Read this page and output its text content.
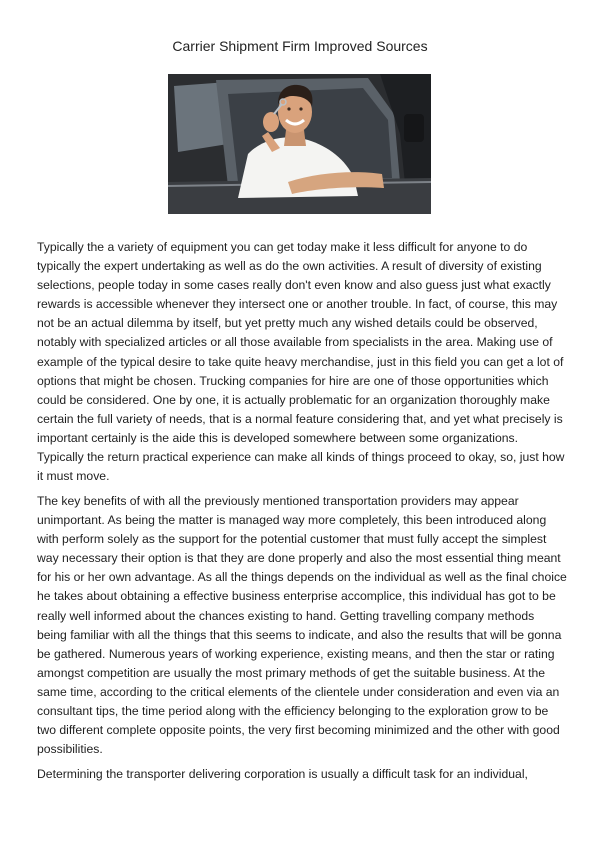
Carrier Shipment Firm Improved Sources
Typically the a variety of equipment you can get today make it less difficult for anyone to do typically the expert undertaking as well as do the own activities. A result of diversity of existing selections, people today in some cases really don't even know and also guess just what exactly rewards is accessible whenever they intersect one or another trouble. In fact, of course, this may not be an actual dilemma by itself, but yet pretty much any wished details could be observed, notably with specialized articles or all those available from specialists in the area. Making use of example of the typical desire to take quite heavy merchandise, just in this field you can get a lot of options that might be chosen. Trucking companies for hire are one of those opportunities which could be considered. One by one, it is actually problematic for an organization thoroughly make certain the full variety of needs, that is a normal feature considering that, and yet what precisely is important certainly is the aide this is developed somewhere between some organizations. Typically the return practical experience can make all kinds of things proceed to okay, so, just how it must move.
The key benefits of with all the previously mentioned transportation providers may appear unimportant. As being the matter is managed way more completely, this been introduced along with perform solely as the support for the potential customer that must fully accept the simplest way necessary their option is that they are done properly and also the most essential thing meant for his or her own advantage. As all the things depends on the individual as well as the final choice he takes about obtaining a effective business enterprise accomplice, this individual has got to be really well informed about the chances existing to hand. Getting travelling company methods being familiar with all the things that this seems to indicate, and also the results that will be gonna be gathered. Numerous years of working experience, existing means, and then the star or rating amongst competition are usually the most primary methods of get the suitable business. At the same time, according to the critical elements of the clientele under consideration and even via an consultant tips, the time period along with the efficiency belonging to the exploration grow to be two different complete opposite points, the very first becoming minimized and the other with good possibilities.
Determining the transporter delivering corporation is usually a difficult task for an individual,
